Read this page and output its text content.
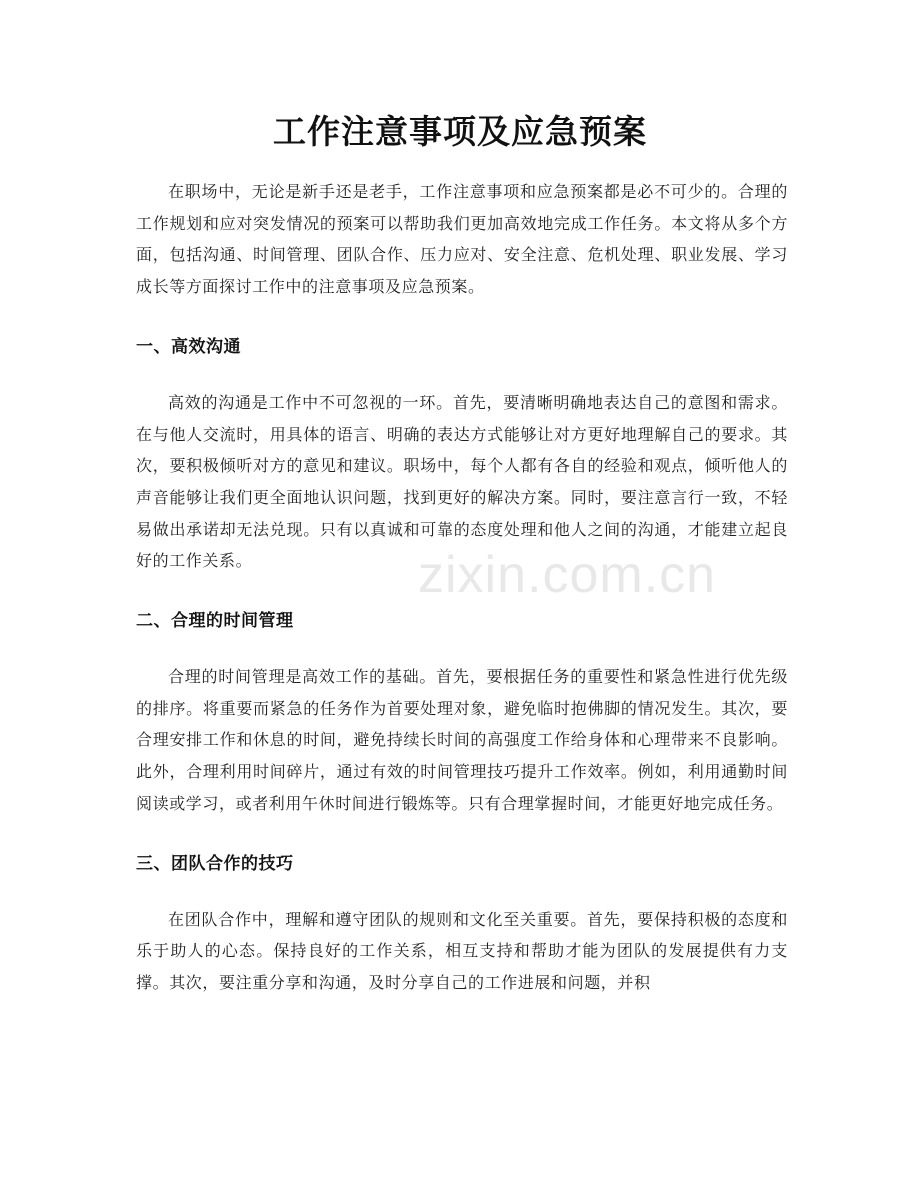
工作注意事项及应急预案

在职场中，无论是新手还是老手，工作注意事项和应急预案都是必不可少的。合理的工作规划和应对突发情况的预案可以帮助我们更加高效地完成工作任务。本文将从多个方面，包括沟通、时间管理、团队合作、压力应对、安全注意、危机处理、职业发展、学习成长等方面探讨工作中的注意事项及应急预案。

一、高效沟通

高效的沟通是工作中不可忽视的一环。首先，要清晰明确地表达自己的意图和需求。在与他人交流时，用具体的语言、明确的表达方式能够让对方更好地理解自己的要求。其次，要积极倾听对方的意见和建议。职场中，每个人都有各自的经验和观点，倾听他人的声音能够让我们更全面地认识问题，找到更好的解决方案。同时，要注意言行一致，不轻易做出承诺却无法兑现。只有以真诚和可靠的态度处理和他人之间的沟通，才能建立起良好的工作关系。

二、合理的时间管理

合理的时间管理是高效工作的基础。首先，要根据任务的重要性和紧急性进行优先级的排序。将重要而紧急的任务作为首要处理对象，避免临时抱佛脚的情况发生。其次，要合理安排工作和休息的时间，避免持续长时间的高强度工作给身体和心理带来不良影响。此外，合理利用时间碎片，通过有效的时间管理技巧提升工作效率。例如，利用通勤时间阅读或学习，或者利用午休时间进行锻炼等。只有合理掌握时间，才能更好地完成任务。

三、团队合作的技巧

在团队合作中，理解和遵守团队的规则和文化至关重要。首先，要保持积极的态度和乐于助人的心态。保持良好的工作关系，相互支持和帮助才能为团队的发展提供有力支撑。其次，要注重分享和沟通，及时分享自己的工作进展和问题，并积

zixin.com.cn
